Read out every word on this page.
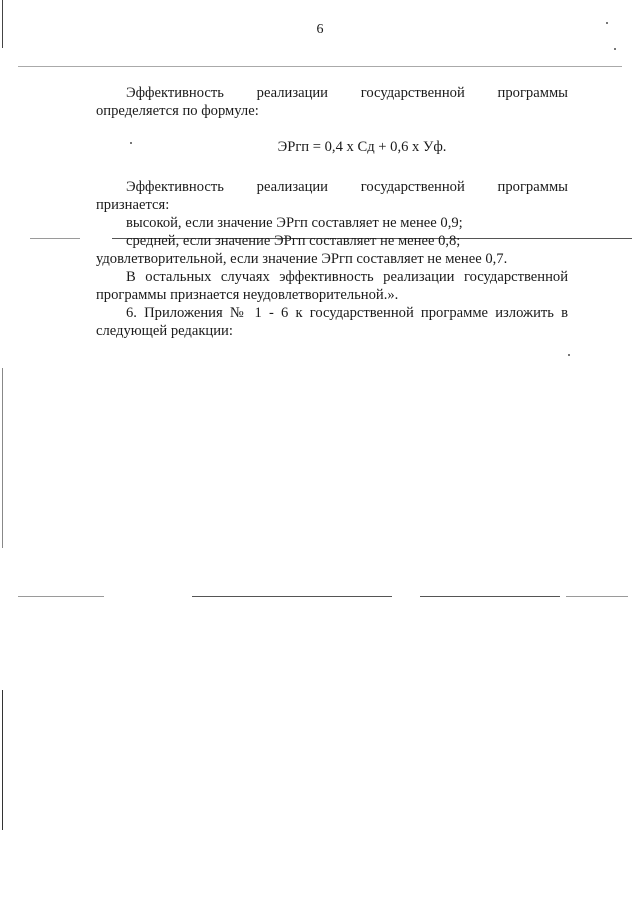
6

Эффективность реализации государственной программы

определяется по формуле:

ЭРгп = 0,4 х Сд + 0,6 х Уф.

Эффективность реализации государственной программы

признается:

высокой, если значение ЭРгп составляет не менее 0,9;

средней, если значение ЭРгп составляет не менее 0,8;

удовлетворительной, если значение ЭРгп составляет не менее 0,7.

В остальных случаях эффективность реализации государственной программы признается неудовлетворительной.».

6. Приложения № 1 - 6 к государственной программе изложить в следующей редакции:
